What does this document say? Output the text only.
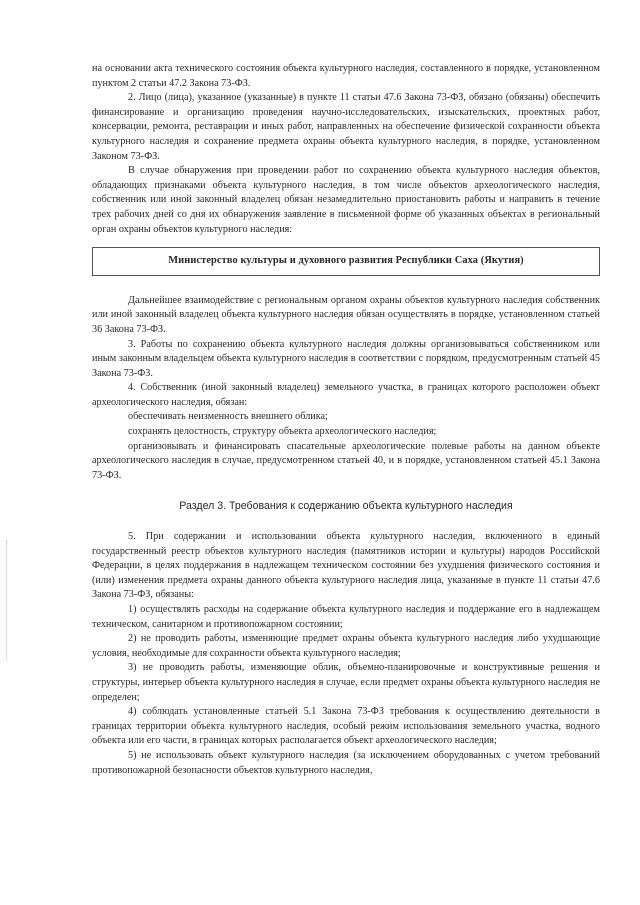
на основании акта технического состояния объекта культурного наследия, составленного в порядке, установленном пунктом 2 статьи 47.2 Закона 73-ФЗ.

2. Лицо (лица), указанное (указанные) в пункте 11 статьи 47.6 Закона 73-ФЗ, обязано (обязаны) обеспечить финансирование и организацию проведения научно-исследовательских, изыскательских, проектных работ, консервации, ремонта, реставрации и иных работ, направленных на обеспечение физической сохранности объекта культурного наследия и сохранение предмета охраны объекта культурного наследия, в порядке, установленном Законом 73-ФЗ.

В случае обнаружения при проведении работ по сохранению объекта культурного наследия объектов, обладающих признаками объекта культурного наследия, в том числе объектов археологического наследия, собственник или иной законный владелец обязан незамедлительно приостановить работы и направить в течение трех рабочих дней со дня их обнаружения заявление в письменной форме об указанных объектах в региональный орган охраны объектов культурного наследия:

Министерство культуры и духовного развития Республики Саха (Якутия)

Дальнейшее взаимодействие с региональным органом охраны объектов культурного наследия собственник или иной законный владелец объекта культурного наследия обязан осуществлять в порядке, установленном статьей 36 Закона 73-ФЗ.

3. Работы по сохранению объекта культурного наследия должны организовываться собственником или иным законным владельцем объекта культурного наследия в соответствии с порядком, предусмотренным статьей 45 Закона 73-ФЗ.

4. Собственник (иной законный владелец) земельного участка, в границах которого расположен объект археологического наследия, обязан:

обеспечивать неизменность внешнего облика;

сохранять целостность, структуру объекта археологического наследия;

организовывать и финансировать спасательные археологические полевые работы на данном объекте археологического наследия в случае, предусмотренном статьей 40, и в порядке, установленном статьей 45.1 Закона 73-ФЗ.

Раздел 3. Требования к содержанию объекта культурного наследия

5. При содержании и использовании объекта культурного наследия, включенного в единый государственный реестр объектов культурного наследия (памятников истории и культуры) народов Российской Федерации, в целях поддержания в надлежащем техническом состоянии без ухудшения физического состояния и (или) изменения предмета охраны данного объекта культурного наследия лица, указанные в пункте 11 статьи 47.6 Закона 73-ФЗ, обязаны:

1) осуществлять расходы на содержание объекта культурного наследия и поддержание его в надлежащем техническом, санитарном и противопожарном состоянии;

2) не проводить работы, изменяющие предмет охраны объекта культурного наследия либо ухудшающие условия, необходимые для сохранности объекта культурного наследия;

3) не проводить работы, изменяющие облик, объемно-планировочные и конструктивные решения и структуры, интерьер объекта культурного наследия в случае, если предмет охраны объекта культурного наследия не определен;

4) соблюдать установленные статьей 5.1 Закона 73-ФЗ требования к осуществлению деятельности в границах территории объекта культурного наследия, особый режим использования земельного участка, водного объекта или его части, в границах которых располагается объект археологического наследия;

5) не использовать объект культурного наследия (за исключением оборудованных с учетом требований противопожарной безопасности объектов культурного наследия,
